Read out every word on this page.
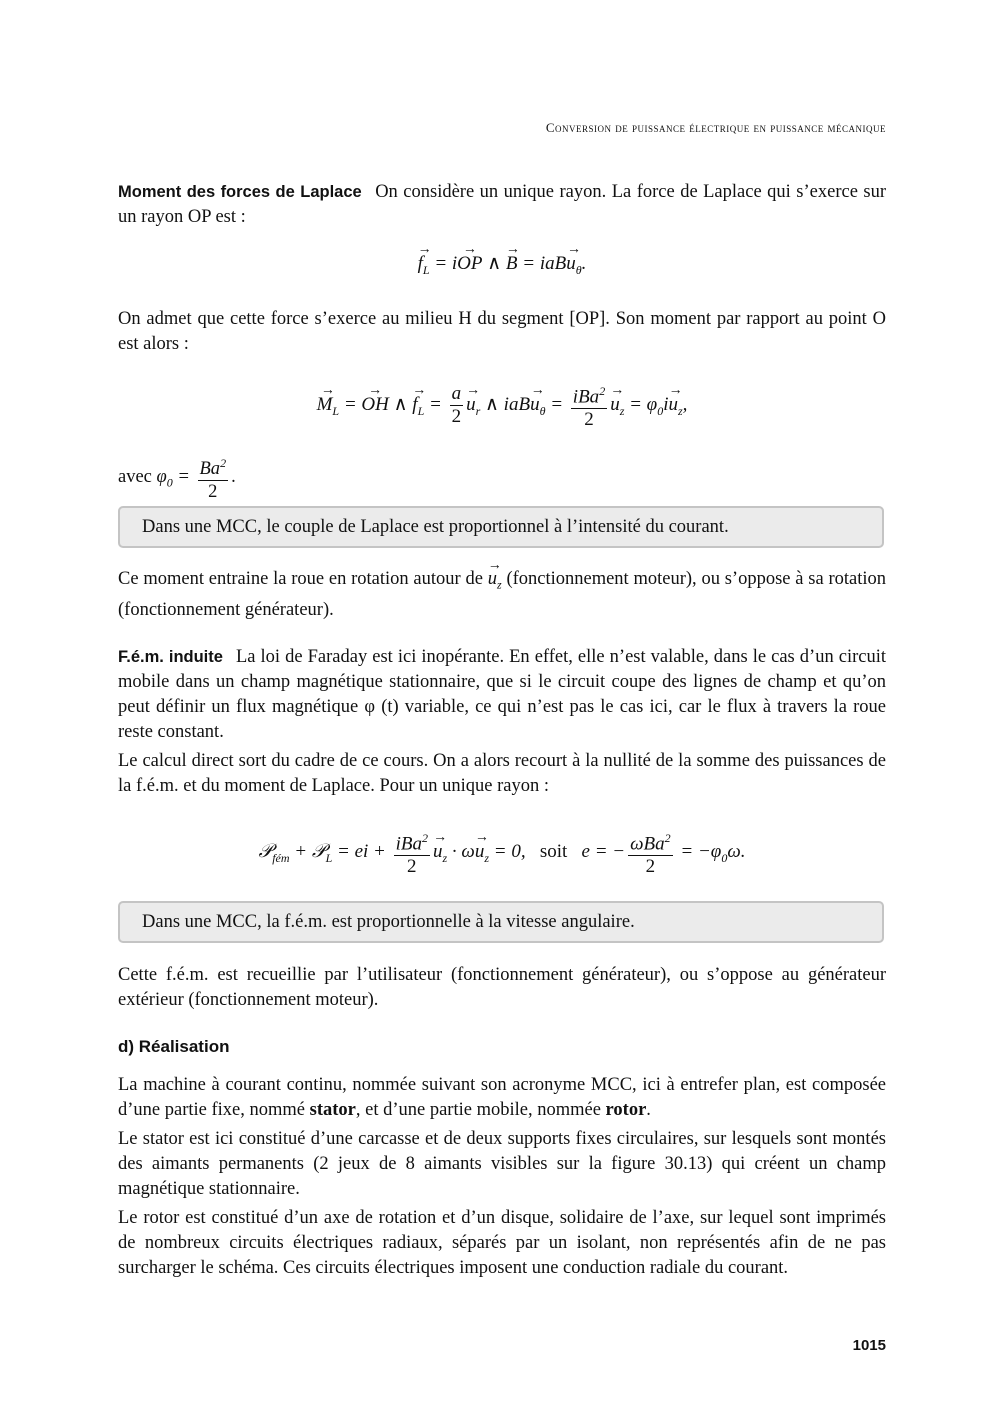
Conversion de puissance électrique en puissance mécanique

Moment des forces de Laplace On considère un unique rayon. La force de Laplace qui s’exerce sur un rayon OP est :

→ $f_L = i\to$ OP ∧ → $B = iaB\to u_\theta$.

On admet que cette force s’exerce au milieu H du segment [OP]. Son moment par rapport au point O est alors :

→ $M_L$ = → OH ∧ → $f_L = \frac{a}{2}$
→ $u_r$ ∧ $iaB\to u_\theta = \frac{iBa^2}{2}$
→ $u_z = \varphi_0i\to u_z$,
avec $\varphi_0 = \frac{Ba^2}{2}$ .
Dans une MCC, le couple de Laplace est proportionnel à l’intensité du courant.

Ce moment entraine la roue en rotation autour de → $u_z$ (fonctionnement moteur), ou s’oppose à sa rotation (fonctionnement générateur).

F.é.m. induite La loi de Faraday est ici inopérante. En effet, elle n’est valable, dans le cas d’un circuit mobile dans un champ magnétique stationnaire, que si le circuit coupe des lignes de champ et qu’on peut définir un flux magnétique φ (t) variable, ce qui n’est pas le cas ici, car le flux à travers la roue reste constant.

Le calcul direct sort du cadre de ce cours. On a alors recourt à la nullité de la somme des puissances de la f.é.m. et du moment de Laplace. Pour un unique rayon :

𝒫$_{fém}$ + 𝒫$_L$ = ei + $\frac{iBa^2}{2}$
→ $u_z \cdot \omega\to u_z = 0$,   soit   e = − $\frac{\omega Ba^2}{2} = -\varphi_0\omega$.
Dans une MCC, la f.é.m. est proportionnelle à la vitesse angulaire.

Cette f.é.m. est recueillie par l’utilisateur (fonctionnement générateur), ou s’oppose au générateur extérieur (fonctionnement moteur).

d) Réalisation

La machine à courant continu, nommée suivant son acronyme MCC, ici à entrefer plan, est composée d’une partie fixe, nommé stator, et d’une partie mobile, nommée rotor.

Le stator est ici constitué d’une carcasse et de deux supports fixes circulaires, sur lesquels sont montés des aimants permanents (2 jeux de 8 aimants visibles sur la figure 30.13) qui créent un champ magnétique stationnaire.

Le rotor est constitué d’un axe de rotation et d’un disque, solidaire de l’axe, sur lequel sont imprimés de nombreux circuits électriques radiaux, séparés par un isolant, non représentés afin de ne pas surcharger le schéma. Ces circuits électriques imposent une conduction radiale du courant.

1015
